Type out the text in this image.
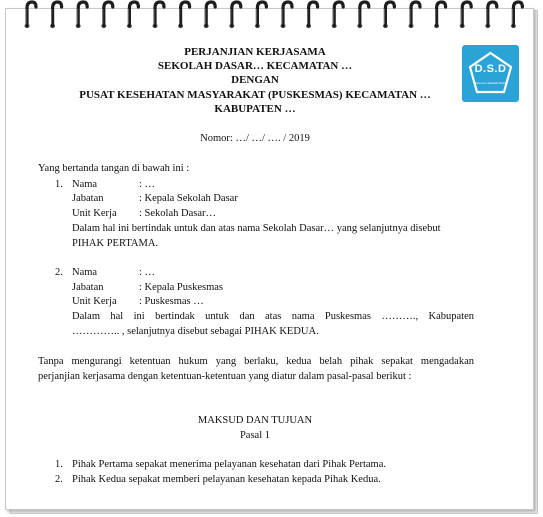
D.S.D
Dokumen Sekolah Dasar
PERJANJIAN KERJASAMA
SEKOLAH DASAR… KECAMATAN …
DENGAN
PUSAT KESEHATAN MASYARAKAT (PUSKESMAS) KECAMATAN …
KABUPATEN …
Nomor: …/ …/ …. / 2019
Yang bertanda tangan di bawah ini :
1. Nama	: …
Jabatan	: Kepala Sekolah Dasar
Unit Kerja : Sekolah Dasar…
Dalam hal ini bertindak untuk dan atas nama Sekolah Dasar… yang selanjutnya disebut
PIHAK PERTAMA.
2. Nama	: …
Jabatan	: Kepala Puskesmas
Unit Kerja : Puskesmas …
Dalam hal ini bertindak untuk dan atas nama Puskesmas ………., Kabupaten
………….. , selanjutnya disebut sebagai PIHAK KEDUA.
Tanpa mengurangi ketentuan hukum yang berlaku, kedua belah pihak sepakat mengadakan
perjanjian kerjasama dengan ketentuan-ketentuan yang diatur dalam pasal-pasal berikut :
MAKSUD DAN TUJUAN
Pasal 1
1. Pihak Pertama sepakat menerima pelayanan kesehatan dari Pihak Pertama.
2. Pihak Kedua sepakat memberi pelayanan kesehatan kepada Pihak Kedua.
